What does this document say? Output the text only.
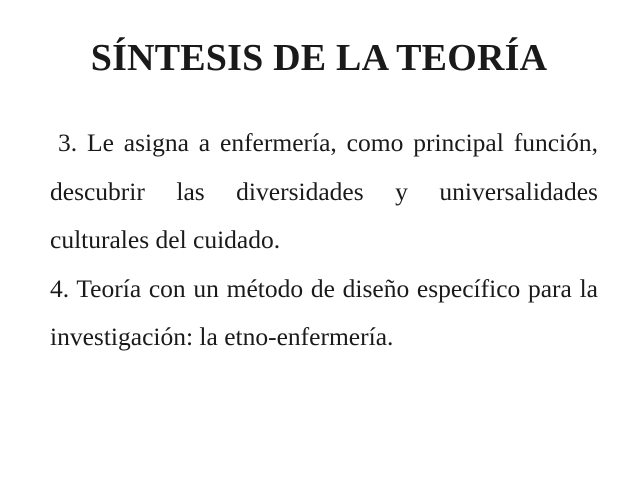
SÍNTESIS DE LA TEORÍA

3. Le asigna a enfermería, como principal función, descubrir las diversidades y universalidades culturales del cuidado.

4. Teoría con un método de diseño específico para la investigación: la etno-enfermería.
